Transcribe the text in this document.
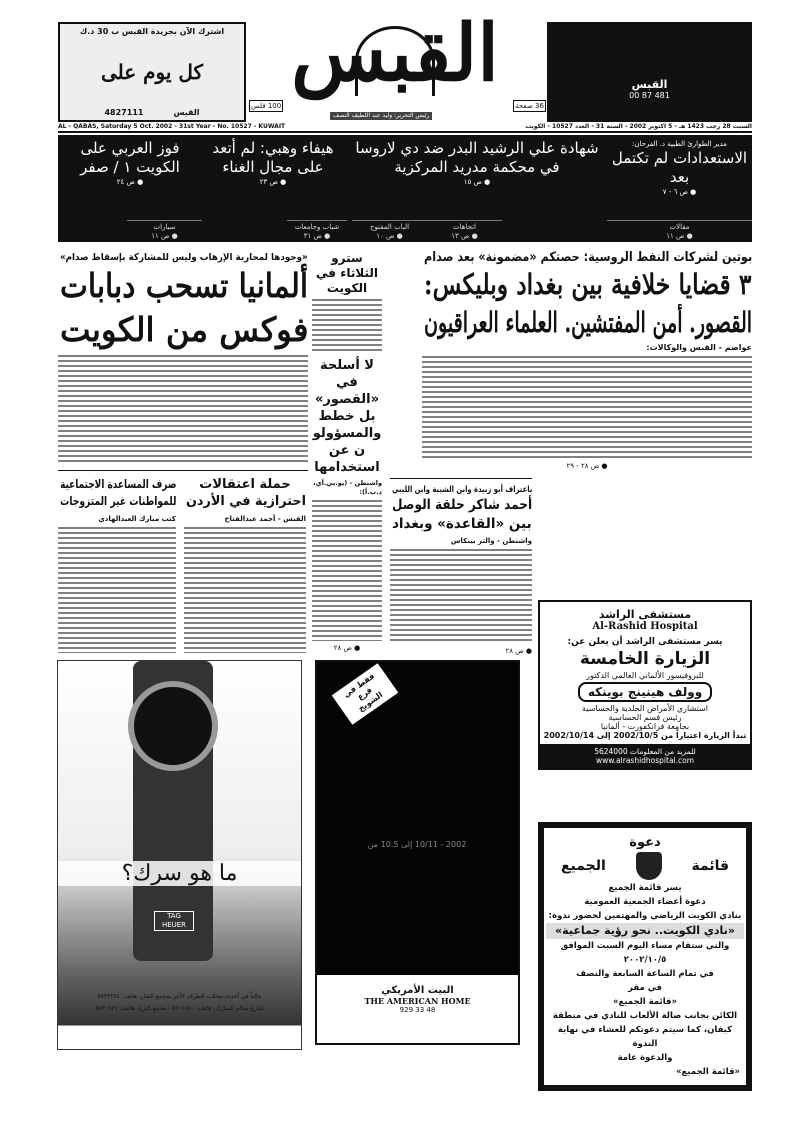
اشترك الآن بجريدة القبس ب 30 د.ك
كل يوم على
القبس
4827111
القبس
100 فلس	36 صفحة
رئيس التحرير: وليد عبد اللطيف النصف
القبس
481 87 00
AL - QABAS, Saturday 5 Oct. 2002 - 31st Year - No. 10527 - KUWAIT	السبت 28 رجب 1423 هـ - 5 اكتوبر 2002 - السنة 31 - العدد 10527 - الكويت
مدير الطوارئ الطبية د. الفرحان:
الاستعدادات لم تكتمل بعد
● ص ٦ - ٧
شهادة علي الرشيد البدر ضد دي لاروسا في محكمة مدريد المركزية
● ص ١٥
هيفاء وهبي: لم أتعد على مجال الغناء
● ص ٢٣
فوز العربي على الكويت ١ / صفر
● ص ٢٤
مقالات
● ص ١١
اتجاهات
● ص ١٣
الباب المفتوح
● ص ١٠
شباب وجامعات
● ص ٣١
سيارات
● ص ١١
بوتين لشركات النفط الروسية: حصتكم «مضمونة» بعد صدام
٣ قضايا خلافية بين بغداد وبليكس:
القصور. أمن المفتشين. العلماء العراقيون
عواصم - القبس والوكالات:
● ص ٢٨ - ٢٩
سترو الثلاثاء في الكويت
لا أسلحة في «القصور» بل خطط والمسؤولون عن استخدامها
واشنطن - (يو.بي.آي، د.ب.أ):
● ص ٢٨
«وجودها لمحاربة الإرهاب وليس للمشاركة بإسقاط صدام»
ألمانيا تسحب دبابات
فوكس من الكويت
صرف المساعدة الاجتماعية
للمواطنات غير المتزوجات
كتب مبارك العبدالهادي
حملة اعتقالات
احترازية في الأردن
القبس - أحمد عبدالفتاح
باعتراف أبو زبيدة وابن الشيبة وابن الليبي
أحمد شاكر حلقة الوصل
بين «القاعدة» وبغداد
واشنطن - والتر بينكاس
● ص ٢٨
مستشفى الراشد
Al-Rashid Hospital
يسر مستشفى الراشد أن يعلن عن:
الزيارة الخامسة
للبروفيسور الألماني العالمي الدكتور
وولف هينينج بوينكه
استشاري الأمراض الجلدية والحساسية
رئيس قسم الحساسية
بجامعة فرانكفورت - ألمانيا
تبدأ الزيارة اعتباراً من 2002/10/5 إلى 2002/10/14
للمزيد من المعلومات 5624000
www.alrashidhospital.com
دعوة
قائمة
الجميع
يسر قائمة الجميع
دعوة أعضاء الجمعية العمومية
بنادي الكويت الرياضي والمهتمين لحضور ندوة:
«نادي الكويت.. نحو رؤية جماعية»
والتي ستقام مساء اليوم السبت الموافق ٢٠٠٢/١٠/٥
في تمام الساعة السابعة والنصف
في مقر
«قائمة الجميع»
الكائن بجانب صالة الألعاب للنادي في منطقة
كيفان، كما سيتم دعوتكم للعشاء في نهاية الندوة
والدعوة عامة
«قائمة الجميع»
ما هو سرك؟
TAG HEUER
حالياً في أحدث محلات الطرف الأغر بمجمع الفنار، هاتف: ٥٧٢٣٢٤٤
شارع سالم المبارك، هاتف: ٥٧١١٥٨٠ - مجمع الثريا، هاتف: ٥٧٣٠٨٢٧
فقط في فرع الشويخ
2002 - 10/11 إلى 10.5 من
البيت الأمريكي
THE AMERICAN HOME
48 33 929
